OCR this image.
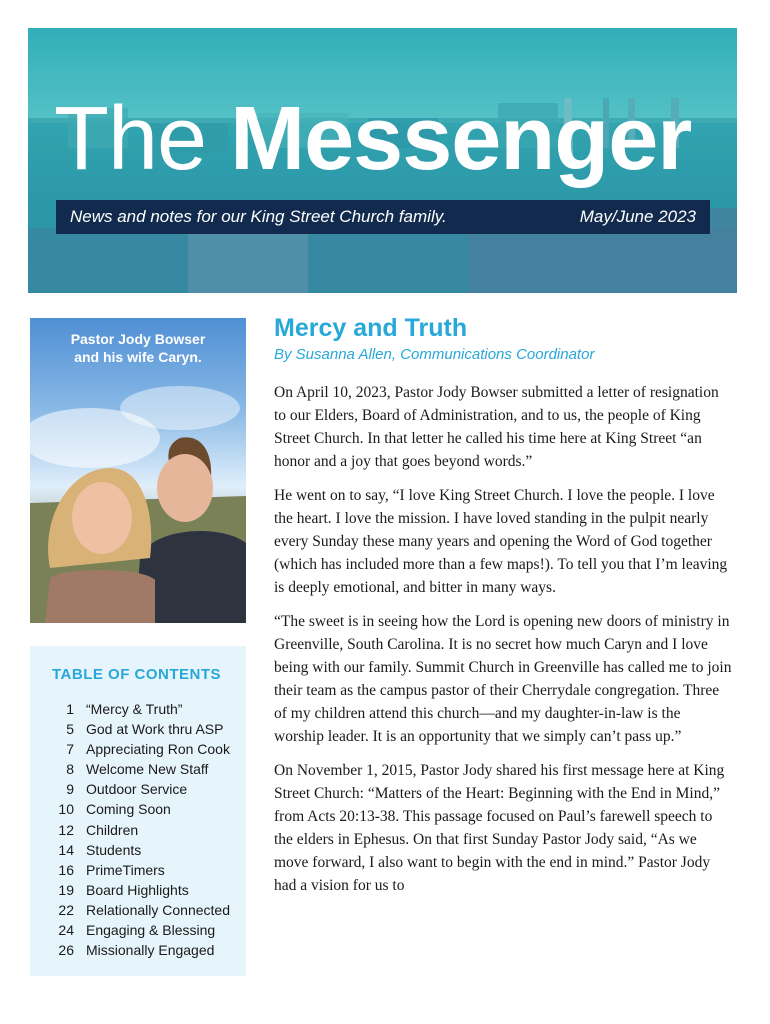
The Messenger
News and notes for our King Street Church family.	May/June 2023
Pastor Jody Bowser
and his wife Caryn.
TABLE OF CONTENTS
1 “Mercy & Truth”
5 God at Work thru ASP
7 Appreciating Ron Cook
8 Welcome New Staff
9 Outdoor Service
10 Coming Soon
12 Children
14 Students
16 PrimeTimers
19 Board Highlights
22 Relationally Connected
24 Engaging & Blessing
26 Missionally Engaged
Mercy and Truth
By Susanna Allen, Communications Coordinator

On April 10, 2023, Pastor Jody Bowser submitted a letter of resignation to our Elders, Board of Administration, and to us, the people of King Street Church. In that letter he called his time here at King Street “an honor and a joy that goes beyond words.”

He went on to say, “I love King Street Church. I love the people. I love the heart. I love the mission. I have loved standing in the pulpit nearly every Sunday these many years and opening the Word of God together (which has included more than a few maps!). To tell you that I’m leaving is deeply emotional, and bitter in many ways.

“The sweet is in seeing how the Lord is opening new doors of ministry in Greenville, South Carolina. It is no secret how much Caryn and I love being with our family. Summit Church in Greenville has called me to join their team as the campus pastor of their Cherrydale congregation. Three of my children attend this church—and my daughter-in-law is the worship leader. It is an opportunity that we simply can’t pass up.”

On November 1, 2015, Pastor Jody shared his first message here at King Street Church: “Matters of the Heart: Beginning with the End in Mind,” from Acts 20:13-38. This passage focused on Paul’s farewell speech to the elders in Ephesus. On that first Sunday Pastor Jody said, “As we move forward, I also want to begin with the end in mind.” Pastor Jody had a vision for us to
